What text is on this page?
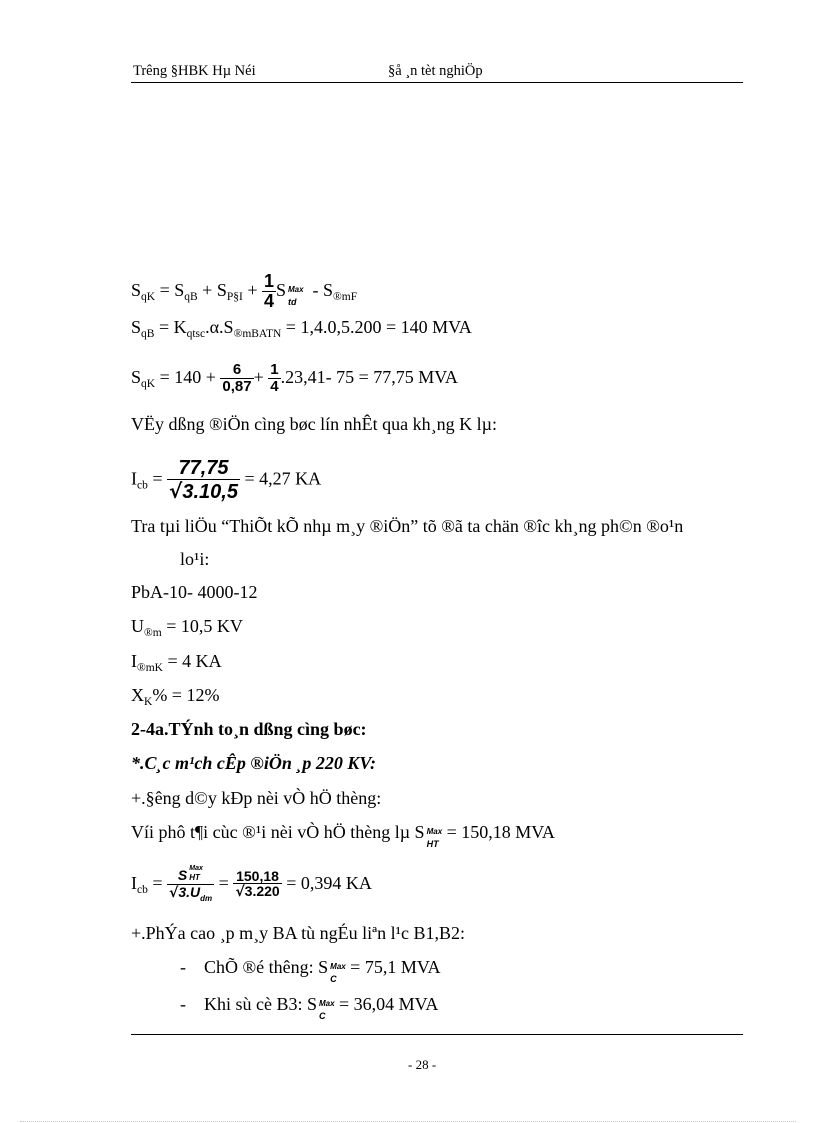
Trêng §HBK Hµ Néi	§å ¸n tèt nghiÖp
$S_{qK} = S_{qB} + S_{P\S I} + \frac{1}{4}$ S Max
td
- $S_{®mF}$
$S_{qB} = K_{qtsc}.\alpha.S_{®mBATN} = 1,4.0,5.200 = 140$ MVA
$S_{qK} = 140 + \frac{6}{0,87} + \frac{1}{4} .23,41-$ 75 = 77,75 MVA
VËy dßng ®iÖn cìng bøc lín nhÊt qua kh¸ng K lµ:
$I_{cb} = \frac{77,75}{√3.10,5} = 4,27$ KA
Tra tµi liÖu “ThiÕt kÕ nhµ m¸y ®iÖn” tõ ®ã ta chän ®îc kh¸ng ph©n ®o¹n
lo¹i:
PbA-10- 4000-12
$U_{®m} = 10,5$ KV
$I_{®mK} = 4$ KA
$X_K\% = 12\%$
2-4a.TÝnh to¸n dßng cìng bøc:
*.C¸c m¹ch cÊp ®iÖn ¸p 220 KV:
+.§êng d©y kÐp nèi vÒ hÖ thèng:
Víi phô t¶i cùc ®¹i nèi vÒ hÖ thèng lµ S Max
HT
= 150,18 MVA
$I_{cb} = S$ Max
HT
$√3.U_{dm} = \frac{150,18}{√3.220} = 0,394$ KA
+.PhÝa cao ¸p m¸y BA tù ngÉu liªn l¹c B1,B2:
- ChÕ ®é thêng: S Max
C
= 75,1 MVA
- Khi sù cè B3: S Max
C
= 36,04 MVA
- 28 -
